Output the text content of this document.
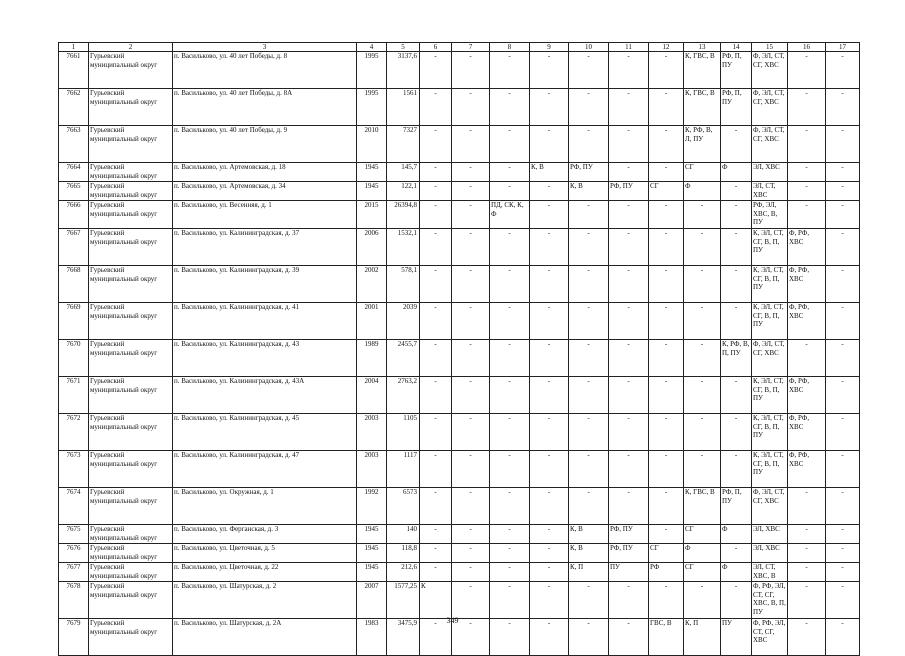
1	2	3	4	5	6	7	8	9	10	11	12	13	14	15	16	17
7661	Гурьевский муниципальный округ	п. Васильково, ул. 40 лет Победы, д. 8	1995	3137,6	-	-	-	-	-	-	-	К, ГВС, В	РФ, П, ПУ	Ф, ЭЛ, СТ, СГ, ХВС	-	-
7662	Гурьевский муниципальный округ	п. Васильково, ул. 40 лет Победы, д. 8А	1995	1561	-	-	-	-	-	-	-	К, ГВС, В	РФ, П, ПУ	Ф, ЭЛ, СТ, СГ, ХВС	-	-
7663	Гурьевский муниципальный округ	п. Васильково, ул. 40 лет Победы, д. 9	2010	7327	-	-	-	-	-	-	-	К, РФ, В, Л, ПУ	-	Ф, ЭЛ, СТ, СГ, ХВС	-	-
7664	Гурьевский муниципальный округ	п. Васильково, ул. Артемовская, д. 18	1945	145,7	-	-	-	К, В	РФ, ПУ	-	-	СГ	Ф	ЭЛ, ХВС	-	-
7665	Гурьевский муниципальный округ	п. Васильково, ул. Артемовская, д. 34	1945	122,1	-	-	-	-	К, В	РФ, ПУ	СГ	Ф	-	ЭЛ, СТ, ХВС	-	-
7666	Гурьевский муниципальный округ	п. Васильково, ул. Весенняя, д. 1	2015	26394,8	-	-	ПД, СК, К, Ф	-	-	-	-	-	-	РФ, ЭЛ, ХВС, В, ПУ	-	-
7667	Гурьевский муниципальный округ	п. Васильково, ул. Калининградская, д. 37	2006	1532,1	-	-	-	-	-	-	-	-	-	К, ЭЛ, СТ, СГ, В, П, ПУ	Ф, РФ, ХВС	-
7668	Гурьевский муниципальный округ	п. Васильково, ул. Калининградская, д. 39	2002	578,1	-	-	-	-	-	-	-	-	-	К, ЭЛ, СТ, СГ, В, П, ПУ	Ф, РФ, ХВС	-
7669	Гурьевский муниципальный округ	п. Васильково, ул. Калининградская, д. 41	2001	2039	-	-	-	-	-	-	-	-	-	К, ЭЛ, СТ, СГ, В, П, ПУ	Ф, РФ, ХВС	-
7670	Гурьевский муниципальный округ	п. Васильково, ул. Калининградская, д. 43	1989	2455,7	-	-	-	-	-	-	-	-	К, РФ, В, П, ПУ	Ф, ЭЛ, СТ, СГ, ХВС	-	-
7671	Гурьевский муниципальный округ	п. Васильково, ул. Калининградская, д. 43А	2004	2763,2	-	-	-	-	-	-	-	-	-	К, ЭЛ, СТ, СГ, В, П, ПУ	Ф, РФ, ХВС	-
7672	Гурьевский муниципальный округ	п. Васильково, ул. Калининградская, д. 45	2003	1105	-	-	-	-	-	-	-	-	-	К, ЭЛ, СТ, СГ, В, П, ПУ	Ф, РФ, ХВС	-
7673	Гурьевский муниципальный округ	п. Васильково, ул. Калининградская, д. 47	2003	1117	-	-	-	-	-	-	-	-	-	К, ЭЛ, СТ, СГ, В, П, ПУ	Ф, РФ, ХВС	-
7674	Гурьевский муниципальный округ	п. Васильково, ул. Окружная, д. 1	1992	6573	-	-	-	-	-	-	-	К, ГВС, В	РФ, П, ПУ	Ф, ЭЛ, СТ, СГ, ХВС	-	-
7675	Гурьевский муниципальный округ	п. Васильково, ул. Ферганская, д. 3	1945	140	-	-	-	-	К, В	РФ, ПУ	-	СГ	Ф	ЭЛ, ХВС	-	-
7676	Гурьевский муниципальный округ	п. Васильково, ул. Цветочная, д. 5	1945	118,8	-	-	-	-	К, В	РФ, ПУ	СГ	Ф	-	ЭЛ, ХВС	-	-
7677	Гурьевский муниципальный округ	п. Васильково, ул. Цветочная, д. 22	1945	212,6	-	-	-	-	К, П	ПУ	РФ	СГ	Ф	ЭЛ, СТ, ХВС, В	-	-
7678	Гурьевский муниципальный округ	п. Васильково, ул. Шатурская, д. 2	2007	1577,25	К	-	-	-	-	-	-	-	-	Ф, РФ, ЭЛ, СТ, СГ, ХВС, В, П, ПУ	-	-
7679	Гурьевский муниципальный округ	п. Васильково, ул. Шатурская, д. 2А	1983	3475,9	-	-	-	-	-	-	ГВС, В	К, П	ПУ	Ф, РФ, ЭЛ, СТ, СГ, ХВС	-	-
349
